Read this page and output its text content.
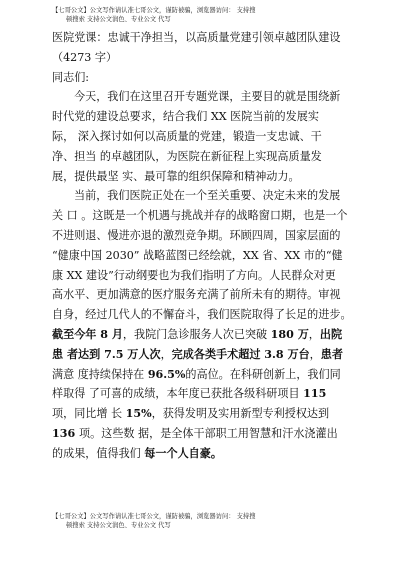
【七哥公文】公文写作请认准七哥公文，谨防被骗，浏览器访问： 支持搜
顿搜索 支持公文润色、专业公文 代写
医院党课：忠诚干净担当，以高质量党建引领卓越团队建设
（4273 字）
同志们:
今天，我们在这里召开专题党课，主要目的就是围绕新
时代党的建设总要求，结合我们 XX 医院当前的发展实
际， 深入探讨如何以高质量的党建，锻造一支忠诚、干
净、担当 的卓越团队，为医院在新征程上实现高质量发
展，提供最坚 实、最可靠的组织保障和精神动力。
当前，我们医院正处在一个至关重要、决定未来的发展
关 口 。这既是一个机遇与挑战并存的战略窗口期，也是一个
不进则退、慢进亦退的激烈竞争期。环顾四周，国家层面的
“健康中国 2030” 战略蓝图已经绘就，XX 省、XX 市的“健
康 XX 建设”行动纲要也为我们指明了方向。人民群众对更
高水平、更加满意的医疗服务充满了前所未有的期待。审视
自身，经过几代人的不懈奋斗，我们医院取得了长足的进步。
截至今年 8 月，我院门急诊服务人次已突破 180 万，出院
患 者达到 7.5 万人次，完成各类手术超过 3.8 万台，患者
满意 度持续保持在 96.5%的高位。在科研创新上，我们同
样取得 了可喜的成绩，本年度已获批各级科研项目 115
项，同比增 长 15%，获得发明及实用新型专利授权达到
136 项。这些数 据，是全体干部职工用智慧和汗水浇灌出
的成果，值得我们 每一个人自豪。
【七哥公文】公文写作请认准七哥公文，谨防被骗，浏览器访问： 支持搜
顿搜索 支持公文润色、专业公文 代写
